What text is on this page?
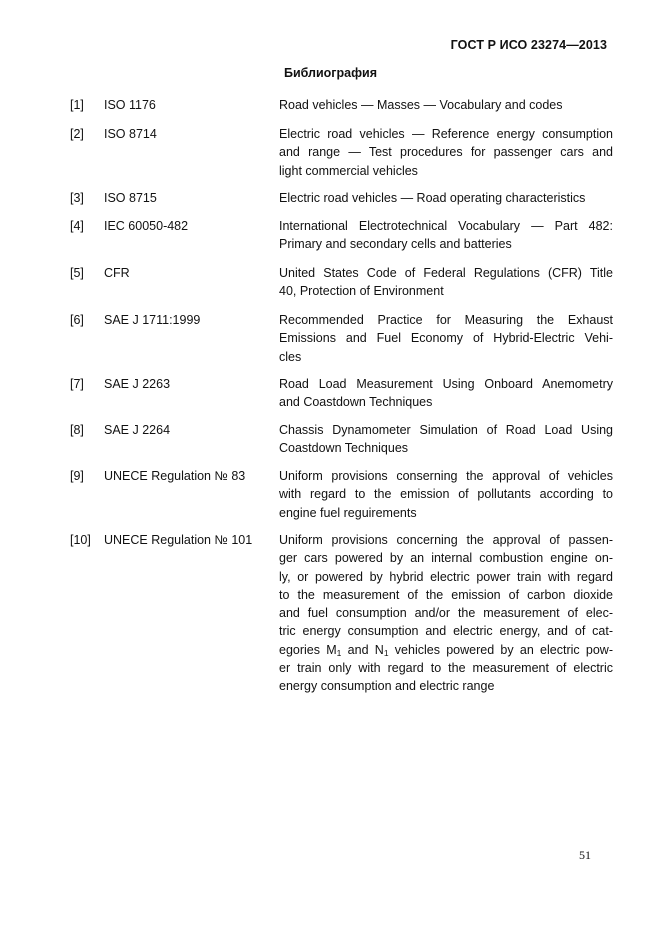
ГОСТ Р ИСО 23274—2013
Библиография
[1] ISO 1176	Road vehicles — Masses — Vocabulary and codes
[2] ISO 8714	Electric road vehicles — Reference energy consumption
and range — Test procedures for passenger cars and
light commercial vehicles
[3] ISO 8715	Electric road vehicles — Road operating characteristics
[4] IEC 60050-482	International Electrotechnical Vocabulary — Part 482:
Primary and secondary cells and batteries
[5] CFR	United States Code of Federal Regulations (CFR) Title
40, Protection of Environment
[6] SAE J 1711:1999	Recommended Practice for Measuring the Exhaust
Emissions and Fuel Economy of Hybrid-Electric Vehi-
cles
[7] SAE J 2263	Road Load Measurement Using Onboard Anemometry
and Coastdown Techniques
[8] SAE J 2264	Chassis Dynamometer Simulation of Road Load Using
Coastdown Techniques
[9] UNECE Regulation № 83	Uniform provisions conserning the approval of vehicles
with regard to the emission of pollutants according to
engine fuel reguirements
[10] UNECE Regulation № 101 Uniform provisions concerning the approval of passen-
ger cars powered by an internal combustion engine on-
ly, or powered by hybrid electric power train with regard
to the measurement of the emission of carbon dioxide
and fuel consumption and/or the measurement of elec-
tric energy consumption and electric energy, and of cat-
egories $M_1$ and $N_1$ vehicles powered by an electric pow-
er train only with regard to the measurement of electric
energy consumption and electric range
51
